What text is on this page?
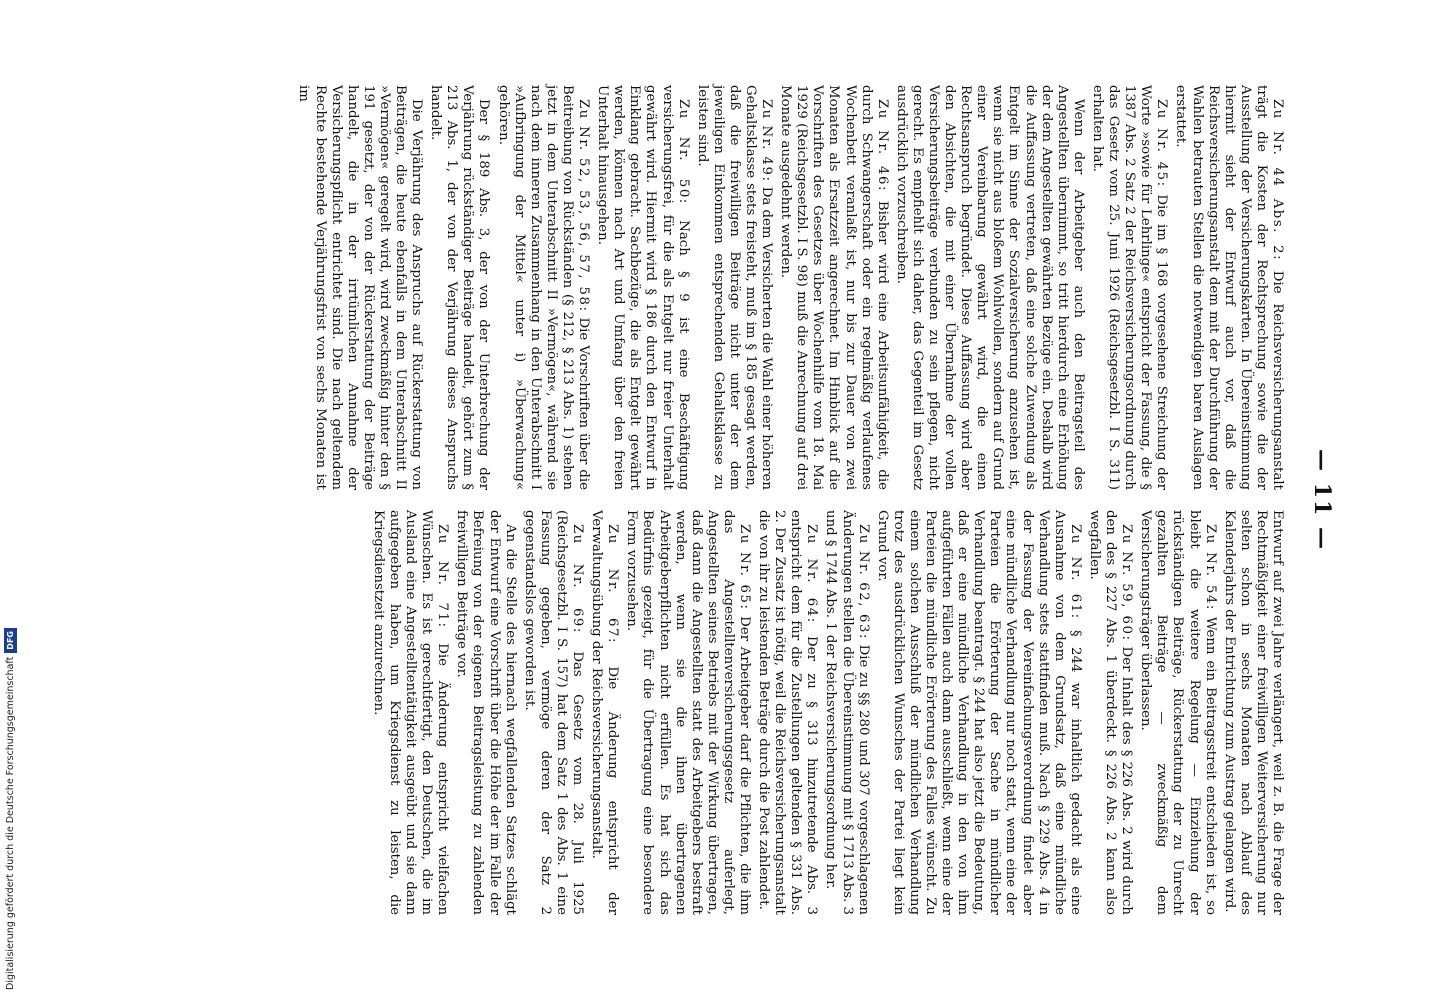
— 11 —

Zu Nr. 44 Abs. 2: Die Reichsversicherungsanstalt trägt die Kosten der Rechtsprechung sowie die der Ausstellung der Versicherungskarten. In Übereinstimmung hiermit sieht der Entwurf auch vor, daß die Reichsversicherungsanstalt dem mit der Durchführung der Wahlen betrauten Stellen die notwendigen baren Auslagen erstattet.

Zu Nr. 45: Die im § 168 vorgesehene Streichung der Worte »sowie für Lehrlinge« entspricht der Fassung, die § 1387 Abs. 2 Satz 2 der Reichsversicherungsordnung durch das Gesetz vom 25. Juni 1926 (Reichsgesetzbl. I S. 311) erhalten hat.

Wenn der Arbeitgeber auch den Beitragsteil des Angestellten übernimmt, so tritt hierdurch eine Erhöhung der dem Angestellten gewährten Bezüge ein. Deshalb wird die Auffassung vertreten, daß eine solche Zuwendung als Entgelt im Sinne der Sozialversicherung anzusehen ist, wenn sie nicht aus bloßem Wohlwollen, sondern auf Grund einer Vereinbarung gewährt wird, die einen Rechtsanspruch begründet. Diese Auffassung wird aber den Absichten, die mit einer Übernahme der vollen Versicherungsbeiträge verbunden zu sein pflegen, nicht gerecht. Es empfiehlt sich daher, das Gegenteil im Gesetz ausdrücklich vorzuschreiben.

Zu Nr. 46: Bisher wird eine Arbeitsunfähigkeit, die durch Schwangerschaft oder ein regelmäßig verlaufenes Wochenbett veranlaßt ist, nur bis zur Dauer von zwei Monaten als Ersatzzeit angerechnet. Im Hinblick auf die Vorschriften des Gesetzes über Wochenhilfe vom 18. Mai 1929 (Reichsgesetzbl. I S. 98) muß die Anrechnung auf drei Monate ausgedehnt werden.

Zu Nr. 49: Da dem Versicherten die Wahl einer höheren Gehaltsklasse stets freisteht, muß im § 185 gesagt werden, daß die freiwilligen Beiträge nicht unter der dem jeweiligen Einkommen entsprechenden Gehaltsklasse zu leisten sind.

Zu Nr. 50: Nach § 9 ist eine Beschäftigung versicherungsfrei, für die als Entgelt nur freier Unterhalt gewährt wird. Hiermit wird § 186 durch den Entwurf in Einklang gebracht. Sachbezüge, die als Entgelt gewährt werden, können nach Art und Umfang über den freien Unterhalt hinausgehen.

Zu Nr. 52, 53, 56, 57, 58: Die Vorschriften über die Beitreibung von Rückständen (§ 212, § 213 Abs. 1) stehen jetzt in dem Unterabschnitt II »Vermögen«, während sie nach dem inneren Zusammenhang in den Unterabschnitt I »Aufbringung der Mittel« unter i) »Überwachung« gehören.

Der § 189 Abs. 3, der von der Unterbrechung der Verjährung rückständiger Beiträge handelt, gehört zum § 213 Abs. 1, der von der Verjährung dieses Anspruchs handelt.

Die Verjährung des Anspruchs auf Rückerstattung von Beiträgen, die heute ebenfalls in dem Unterabschnitt II »Vermögen« geregelt wird, wird zweckmäßig hinter den § 191 gesetzt, der von der Rückerstattung der Beiträge handelt, die in der irrtümlichen Annahme der Versicherungspflicht entrichtet sind. Die nach geltendem Rechte bestehende Verjährungsfrist von sechs Monaten ist im

Entwurf auf zwei Jahre verlängert, weil z. B. die Frage der Rechtmäßigkeit einer freiwilligen Weiterversicherung nur selten schon in sechs Monaten nach Ablauf des Kalenderjahrs der Entrichtung zum Austrag gelangen wird.

Zu Nr. 54: Wenn ein Beitragsstreit entschieden ist, so bleibt die weitere Regelung — Einziehung der rückständigen Beiträge, Rückerstattung der zu Unrecht gezahlten Beiträge — zweckmäßig dem Versicherungsträger überlassen.

Zu Nr. 59, 60: Der Inhalt des § 226 Abs. 2 wird durch den des § 227 Abs. 1 überdeckt. § 226 Abs. 2 kann also wegfallen.

Zu Nr. 61: § 244 war inhaltlich gedacht als eine Ausnahme von dem Grundsatz, daß eine mündliche Verhandlung stets stattfinden muß. Nach § 229 Abs. 4 in der Fassung der Vereinfachungsverordnung findet aber eine mündliche Verhandlung nur noch statt, wenn eine der Parteien die Erörterung der Sache in mündlicher Verhandlung beantragt. § 244 hat also jetzt die Bedeutung, daß er eine mündliche Verhandlung in den von ihm aufgeführten Fällen auch dann ausschließt, wenn eine der Parteien die mündliche Erörterung des Falles wünscht. Zu einem solchen Ausschluß der mündlichen Verhandlung trotz des ausdrücklichen Wunsches der Partei liegt kein Grund vor.

Zu Nr. 62, 63: Die zu §§ 280 und 307 vorgeschlagenen Änderungen stellen die Übereinstimmung mit § 1713 Abs. 3 und § 1744 Abs. 1 der Reichsversicherungsordnung her.

Zu Nr. 64: Der zu § 313 hinzutretende Abs. 3 entspricht dem für die Zustellungen geltenden § 331 Abs. 2. Der Zusatz ist nötig, weil die Reichsversicherungsanstalt die von ihr zu leistenden Beträge durch die Post zahlendet.

Zu Nr. 65: Der Arbeitgeber darf die Pflichten, die ihm das Angestelltenversicherungsgesetz auferlegt, Angestellten seines Betriebs mit der Wirkung übertragen, daß dann die Angestellten statt des Arbeitgebers bestraft werden, wenn sie die ihnen übertragenen Arbeitgeberpflichten nicht erfüllen. Es hat sich das Bedürfnis gezeigt, für die Übertragung eine besondere Form vorzusehen.

Zu Nr. 67: Die Änderung entspricht der Verwaltungsübung der Reichsversicherungsanstalt.

Zu Nr. 69: Das Gesetz vom 28. Juli 1925 (Reichsgesetzbl. I S. 157) hat dem Satz 1 des Abs. 1 eine Fassung gegeben, vermöge deren der Satz 2 gegenstandslos geworden ist.

An die Stelle des hiernach wegfallenden Satzes schlägt der Entwurf eine Vorschrift über die Höhe der im Falle der Befreiung von der eigenen Beitragsleistung zu zahlenden freiwilligen Beiträge vor.

Zu Nr. 71: Die Änderung entspricht vielfachen Wünschen. Es ist gerechtfertigt, den Deutschen, die im Ausland eine Angestelltentätigkeit ausgeübt und sie dann aufgegeben haben, um Kriegsdienst zu leisten, die Kriegsdienstzeit anzurechnen.

Digitalisierung gefördert durch die Deutsche Forschungsgemeinschaft
DFG
